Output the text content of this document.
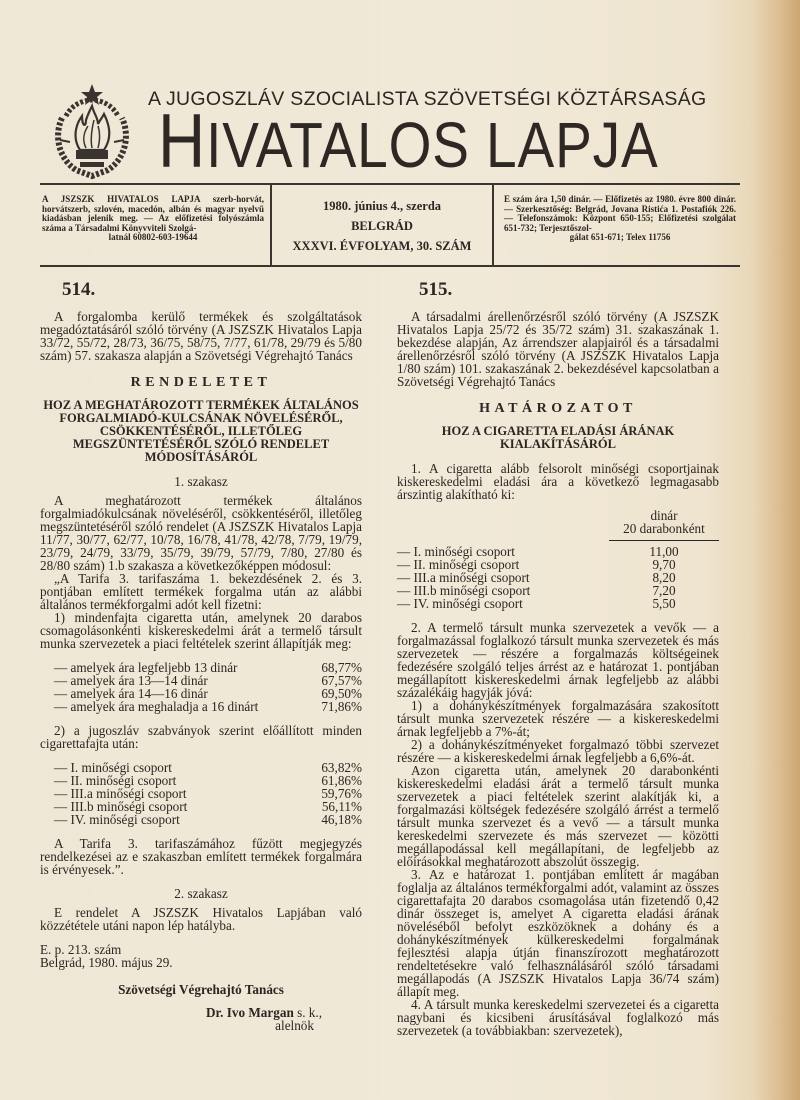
A JUGOSZLÁV SZOCIALISTA SZÖVETSÉGI KÖZTÁRSASÁG
HIVATALOS LAPJA
A JSZSZK HIVATALOS LAPJA szerb-horvát, horvátszerb, szlovén, macedón, albán és magyar nyelvű kiadásban jelenik meg. — Az előfizetési folyószámla száma a Társadalmi Könyvviteli Szolgá-
latnál 60802-603-19644
1980. június 4., szerda
BELGRÁD
XXXVI. ÉVFOLYAM, 30. SZÁM
E szám ára 1,50 dinár. — Előfizetés az 1980. évre 800 dinár. — Szerkesztőség: Belgrád, Jovana Ristića 1. Postafiók 226. — Telefonszámok: Központ 650-155; Előfizetési szolgálat 651-732; Terjesztőszol-
gálat 651-671; Telex 11756
514.

A forgalomba kerülő termékek és szolgáltatások megadóztatásáról szóló törvény (A JSZSZK Hivatalos Lapja 33/72, 55/72, 28/73, 36/75, 58/75, 7/77, 61/78, 29/79 és 5/80 szám) 57. szakasza alapján a Szövetségi Végrehajtó Tanács

RENDELETET
HOZ A MEGHATÁROZOTT TERMÉKEK ÁLTALÁNOS FORGALMIADÓ-KULCSÁNAK NÖVELÉSÉRŐL, CSÖKKENTÉSÉRŐL, ILLETŐLEG MEGSZÜNTETÉSÉRŐL SZÓLÓ RENDELET MÓDOSÍTÁSÁRÓL
1. szakasz

A meghatározott termékek általános forgalmiadókulcsának növeléséről, csökkentéséről, illetőleg megszüntetéséről szóló rendelet (A JSZSZK Hivatalos Lapja 11/77, 30/77, 62/77, 10/78, 16/78, 41/78, 42/78, 7/79, 19/79, 23/79, 24/79, 33/79, 35/79, 39/79, 57/79, 7/80, 27/80 és 28/80 szám) 1.b szakasza a következőképpen módosul:

„A Tarifa 3. tarifaszáma 1. bekezdésének 2. és 3. pontjában említett termékek forgalma után az alábbi általános termékforgalmi adót kell fizetni:

1) mindenfajta cigaretta után, amelynek 20 darabos csomagolásonkénti kiskereskedelmi árát a termelő társult munka szervezetek a piaci feltételek szerint állapítják meg:

— amelyek ára legfeljebb 13 dinár	68,77%
— amelyek ára 13—14 dinár	67,57%
— amelyek ára 14—16 dinár	69,50%
— amelyek ára meghaladja a 16 dinárt	71,86%

2) a jugoszláv szabványok szerint előállított minden cigarettafajta után:

— I. minőségi csoport	63,82%
— II. minőségi csoport	61,86%
— III.a minőségi csoport	59,76%
— III.b minőségi csoport	56,11%
— IV. minőségi csoport	46,18%

A Tarifa 3. tarifaszámához fűzött megjegyzés rendelkezései az e szakaszban említett termékek forgalmára is érvényesek.”.

2. szakasz

E rendelet A JSZSZK Hivatalos Lapjában való közzététele utáni napon lép hatályba.

E. p. 213. szám

Belgrád, 1980. május 29.

Szövetségi Végrehajtó Tanács
Dr. Ivo Margan s. k.,
alelnök
515.

A társadalmi árellenőrzésről szóló törvény (A JSZSZK Hivatalos Lapja 25/72 és 35/72 szám) 31. szakaszának 1. bekezdése alapján, Az árrendszer alapjairól és a társadalmi árellenőrzésről szóló törvény (A JSZSZK Hivatalos Lapja 1/80 szám) 101. szakaszának 2. bekezdésével kapcsolatban a Szövetségi Végrehajtó Tanács

HATÁROZATOT
HOZ A CIGARETTA ELADÁSI ÁRÁNAK KIALAKÍTÁSÁRÓL

1. A cigaretta alább felsorolt minőségi csoportjainak kiskereskedelmi eladási ára a következő legmagasabb árszintig alakítható ki:

dinár
20 darabonként
— I. minőségi csoport	11,00
— II. minőségi csoport	9,70
— III.a minőségi csoport	8,20
— III.b minőségi csoport	7,20
— IV. minőségi csoport	5,50

2. A termelő társult munka szervezetek a vevők — a forgalmazással foglalkozó társult munka szervezetek és más szervezetek — részére a forgalmazás költségeinek fedezésére szolgáló teljes árrést az e határozat 1. pontjában megállapított kiskereskedelmi árnak legfeljebb az alábbi százalékáig hagyják jóvá:

1) a dohánykészítmények forgalmazására szakosított társult munka szervezetek részére — a kiskereskedelmi árnak legfeljebb a 7%-át;

2) a dohánykészítményeket forgalmazó többi szervezet részére — a kiskereskedelmi árnak legfeljebb a 6,6%-át.

Azon cigaretta után, amelynek 20 darabonkénti kiskereskedelmi eladási árát a termelő társult munka szervezetek a piaci feltételek szerint alakítják ki, a forgalmazási költségek fedezésére szolgáló árrést a termelő társult munka szervezet és a vevő — a társult munka kereskedelmi szervezete és más szervezet — közötti megállapodással kell megállapítani, de legfeljebb az előírásokkal meghatározott abszolút összegig.

3. Az e határozat 1. pontjában említett ár magában foglalja az általános termékforgalmi adót, valamint az összes cigarettafajta 20 darabos csomagolása után fizetendő 0,42 dinár összeget is, amelyet A cigaretta eladási árának növeléséből befolyt eszközöknek a dohány és a dohánykészítmények külkereskedelmi forgalmának fejlesztési alapja útján finanszírozott meghatározott rendeltetésekre való felhasználásáról szóló társadami megállapodás (A JSZSZK Hivatalos Lapja 36/74 szám) állapít meg.

4. A társult munka kereskedelmi szervezetei és a cigaretta nagybani és kicsibeni árusításával foglalkozó más szervezetek (a továbbiakban: szervezetek),
